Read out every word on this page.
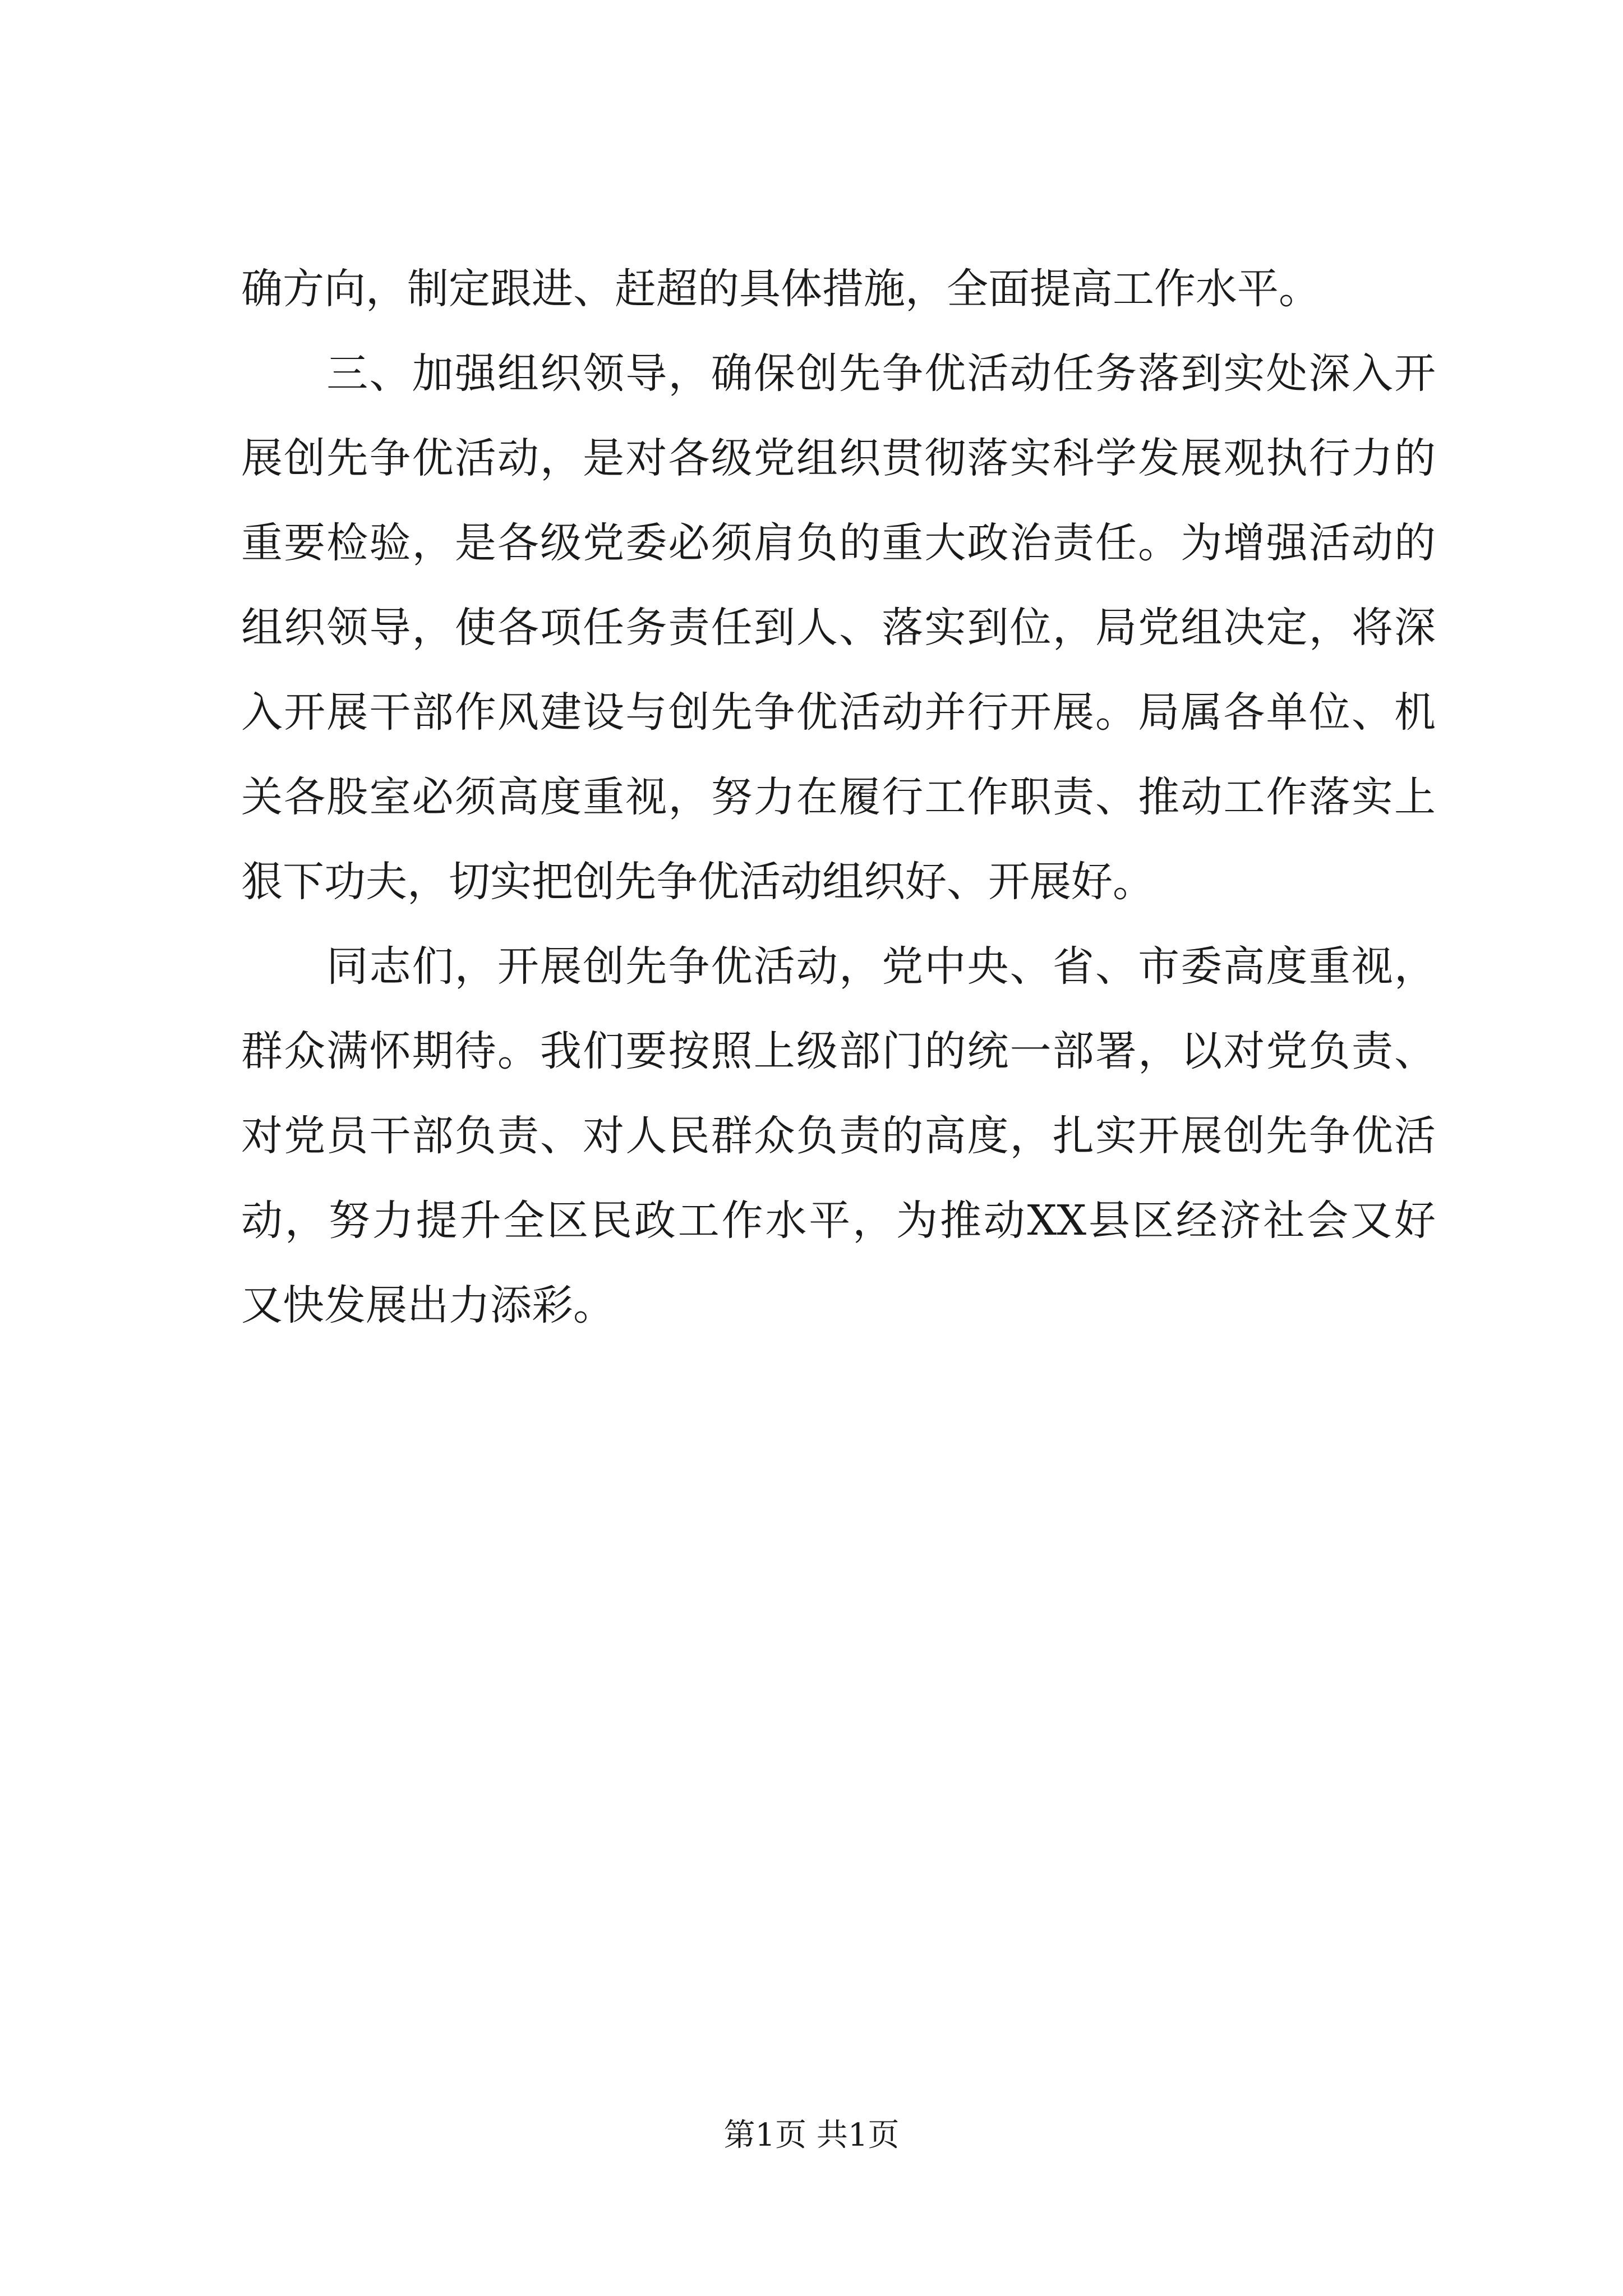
确方向，制定跟进、赶超的具体措施，全面提高工作水平。
　　三、加强组织领导，确保创先争优活动任务落到实处深入开
展创先争优活动，是对各级党组织贯彻落实科学发展观执行力的
重要检验，是各级党委必须肩负的重大政治责任。为增强活动的
组织领导，使各项任务责任到人、落实到位，局党组决定，将深
入开展干部作风建设与创先争优活动并行开展。局属各单位、机
关各股室必须高度重视，努力在履行工作职责、推动工作落实上
狠下功夫，切实把创先争优活动组织好、开展好。
　　同志们，开展创先争优活动，党中央、省、市委高度重视，
群众满怀期待。我们要按照上级部门的统一部署，以对党负责、
对党员干部负责、对人民群众负责的高度，扎实开展创先争优活
动，努力提升全区民政工作水平，为推动XX县区经济社会又好
又快发展出力添彩。
第1页 共1页
